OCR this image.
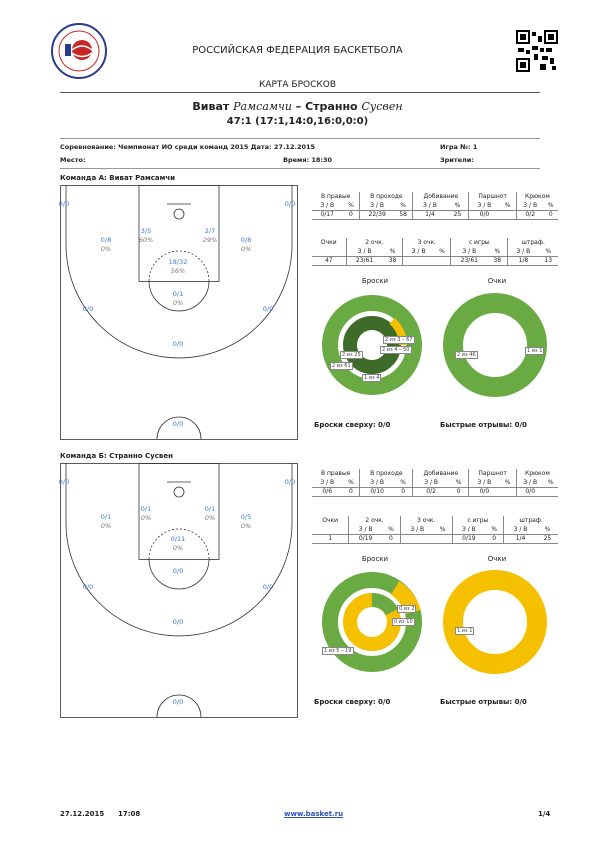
РОССИЙСКАЯ ФЕДЕРАЦИЯ БАСКЕТБОЛА
КАРТА БРОСКОВ
Виват Рамсамчи – Странно Сусвен
47:1 (17:1,14:0,16:0,0:0)
Соревнование: Чемпионат ИО среди команд 2015 Дата: 27.12.2015	Игра №: 1
Место:	Время: 18:30	Зрители:
Команда А: Виват Рамсамчи
0/0	0/0
3/5
60%
2/7
29%
0/8
0%
0/8
0%
18/32
56%
0/1
0%
0/0	0/0
0/0
0/0
В правые		В проходе		Добивание		Паршнот		Крюком	
З / В	%	З / В	%	З / В	%	З / В	%	З / В	%
0/17	0	22/39	58	1/4	25	0/0		0/2	0
Очки	2 очк.		3 очк.		с игры		штраф.	
	З / В	%	З / В	%	З / В	%	З / В	%
47	23/61	38			23/61	38	1/8	13
Броски	Очки
2 из 3 – 67
2 из 4 – 50
2 из 25
2 из 61
1 из 4
2 из 46
1 из 1
Броски сверху: 0/0	Быстрые отрывы: 0/0
Команда Б: Странно Сусвен
0/0	0/0
0/1
0%
0/1
0%
0/1
0%
0/5
0%
0/11
0%
0/0
0/0	0/0
0/0
0/0
В правые		В проходе		Добивание		Паршнот		Крюком	
З / В	%	З / В	%	З / В	%	З / В	%	З / В	%
0/6	0	0/10	0	0/2	0	0/0		0/0	
Очки	2 очк.		3 очк.		с игры		штраф.	
	З / В	%	З / В	%	З / В	%	З / В	%
1	0/19	0			0/19	0	1/4	25
Броски	Очки
0 из 2
0 из 10
1 из 5 – 19
1 из 1
Броски сверху: 0/0	Быстрые отрывы: 0/0
27.12.2015 17:08	www.basket.ru	1/4
